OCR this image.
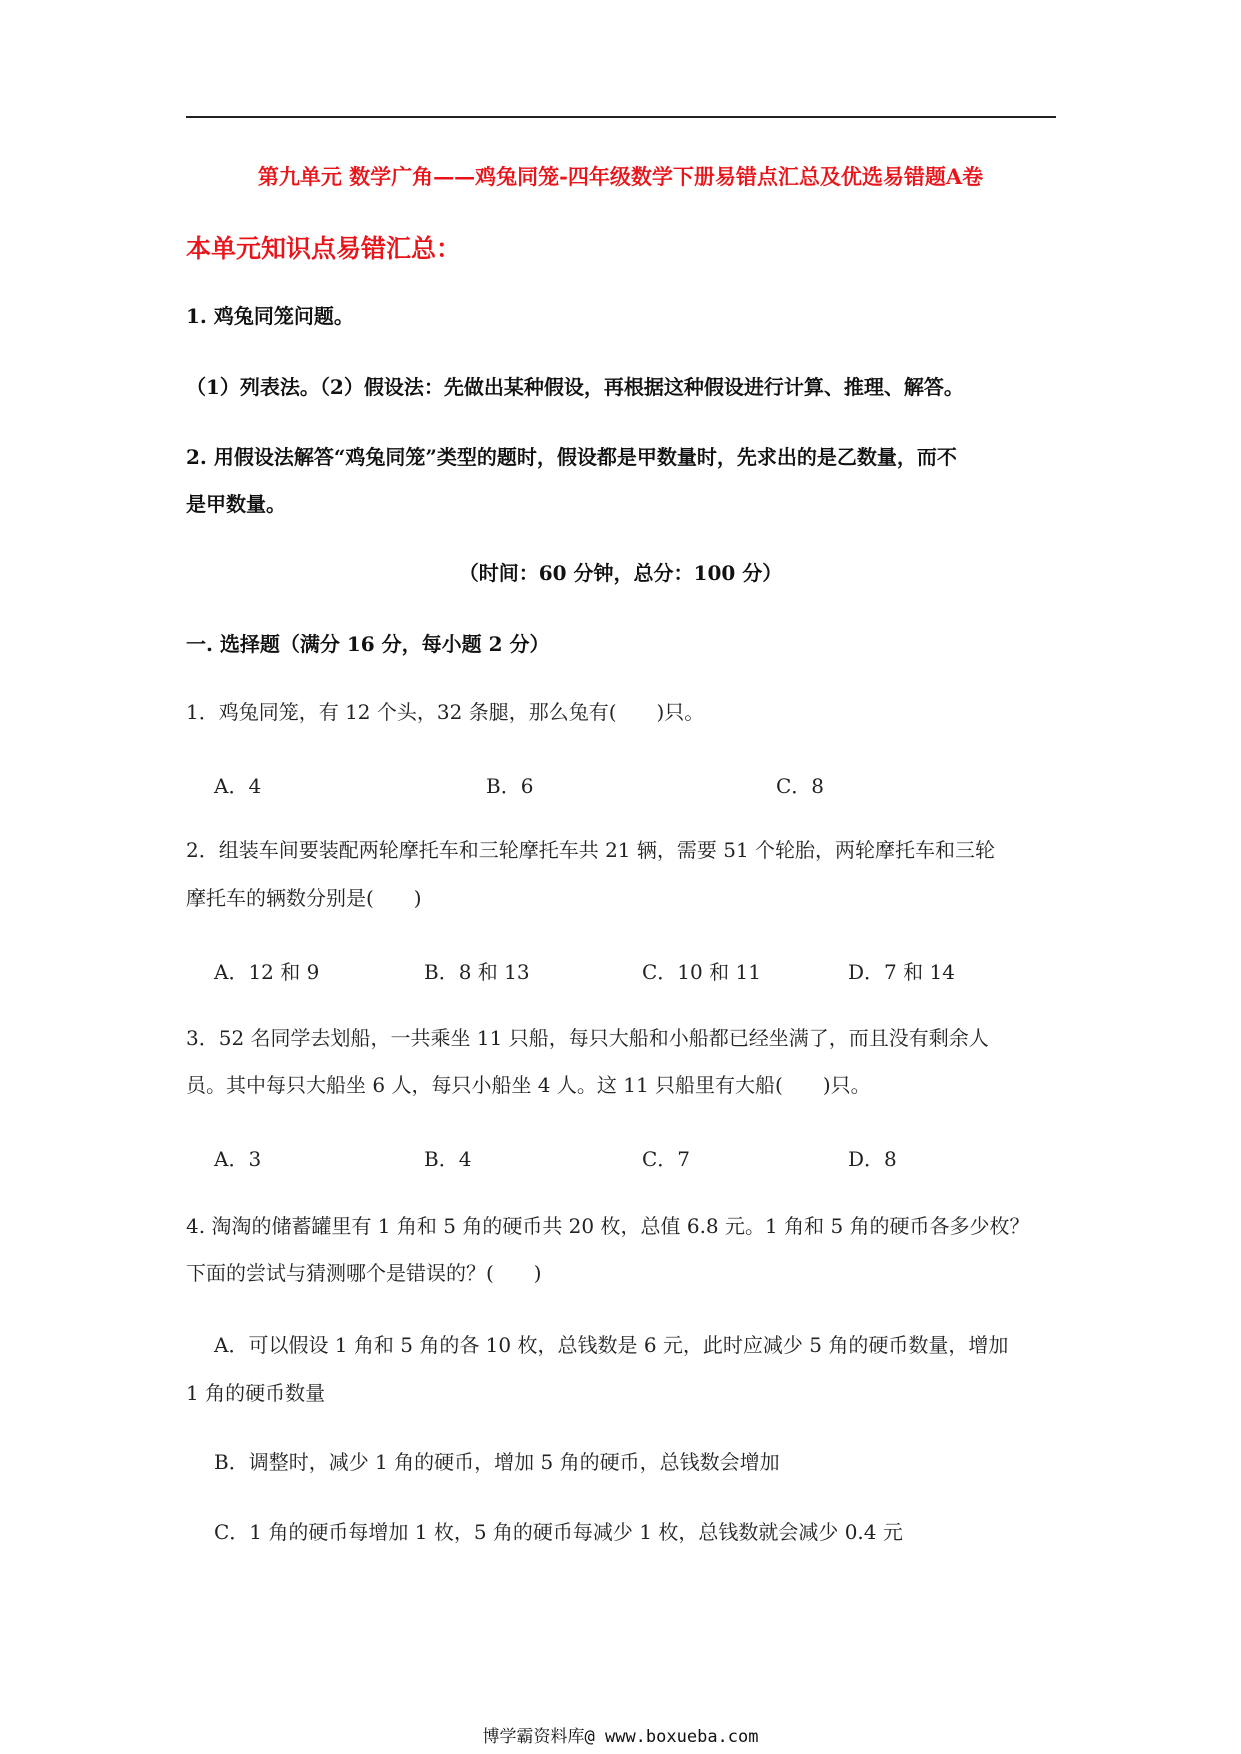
第九单元 数学广角——鸡兔同笼-四年级数学下册易错点汇总及优选易错题A卷
本单元知识点易错汇总：
1. 鸡兔同笼问题。
（1）列表法。（2）假设法：先做出某种假设，再根据这种假设进行计算、推理、解答。
2. 用假设法解答“鸡兔同笼”类型的题时，假设都是甲数量时，先求出的是乙数量，而不
是甲数量。
（时间：60 分钟，总分：100 分）
一. 选择题（满分 16 分，每小题 2 分）
1．鸡兔同笼，有 12 个头，32 条腿，那么兔有(　　)只。
A．4	B．6	C．8
2．组装车间要装配两轮摩托车和三轮摩托车共 21 辆，需要 51 个轮胎，两轮摩托车和三轮
摩托车的辆数分别是(　　)
A．12 和 9	B．8 和 13	C．10 和 11	D．7 和 14
3．52 名同学去划船，一共乘坐 11 只船，每只大船和小船都已经坐满了，而且没有剩余人
员。其中每只大船坐 6 人，每只小船坐 4 人。这 11 只船里有大船(　　)只。
A．3	B．4	C．7	D．8
4. 淘淘的储蓄罐里有 1 角和 5 角的硬币共 20 枚，总值 6.8 元。1 角和 5 角的硬币各多少枚？
下面的尝试与猜测哪个是错误的？(　　)
A．可以假设 1 角和 5 角的各 10 枚，总钱数是 6 元，此时应减少 5 角的硬币数量，增加
1 角的硬币数量
B．调整时，减少 1 角的硬币，增加 5 角的硬币，总钱数会增加
C．1 角的硬币每增加 1 枚，5 角的硬币每减少 1 枚，总钱数就会减少 0.4 元
博学霸资料库@ www.boxueba.com
